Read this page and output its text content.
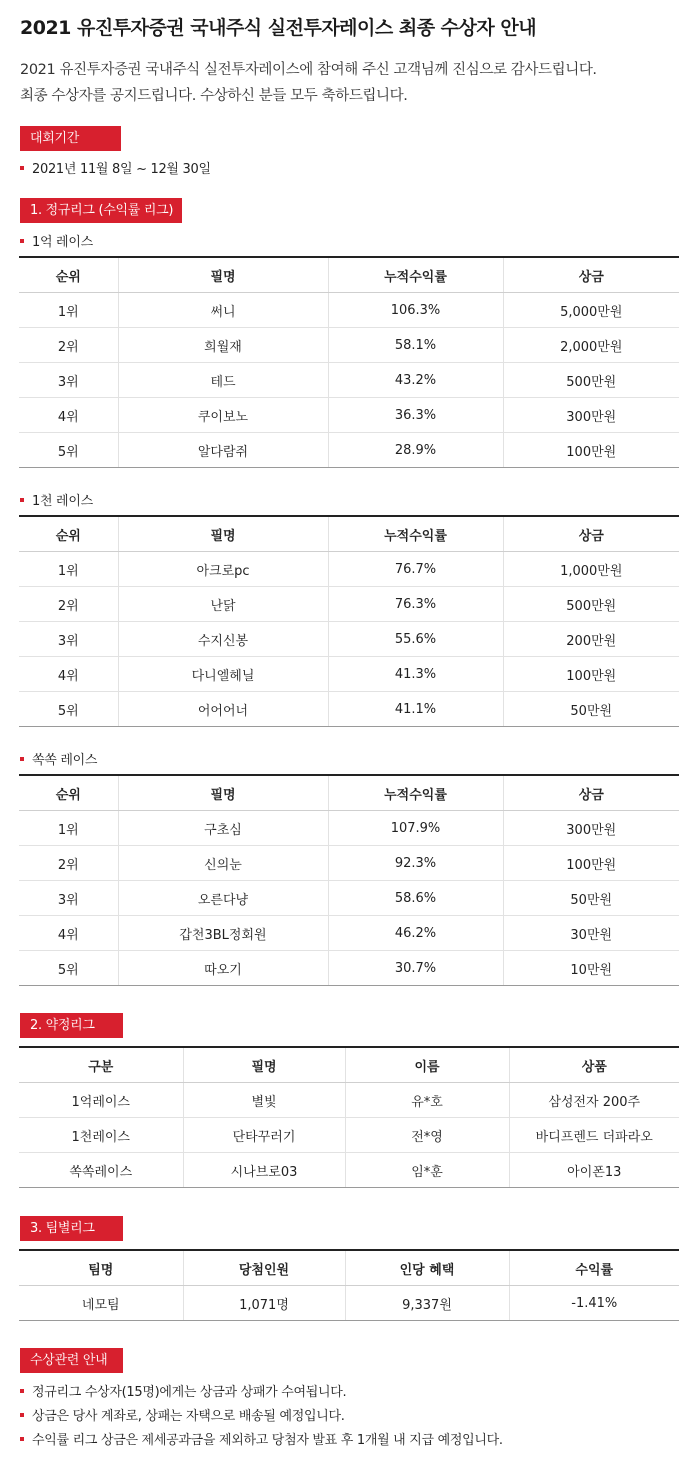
2021 유진투자증권 국내주식 실전투자레이스 최종 수상자 안내
2021 유진투자증권 국내주식 실전투자레이스에 참여해 주신 고객님께 진심으로 감사드립니다.
최종 수상자를 공지드립니다. 수상하신 분들 모두 축하드립니다.
대회기간
2021년 11월 8일 ~ 12월 30일
1. 정규리그 (수익률 리그)
1억 레이스
순위	필명	누적수익률	상금
1위	써니	106.3%	5,000만원
2위	희월재	58.1%	2,000만원
3위	테드	43.2%	500만원
4위	쿠이보노	36.3%	300만원
5위	알다람쥐	28.9%	100만원
1천 레이스
순위	필명	누적수익률	상금
1위	아크로pc	76.7%	1,000만원
2위	난닭	76.3%	500만원
3위	수지신봉	55.6%	200만원
4위	다니엘헤닐	41.3%	100만원
5위	어어어너	41.1%	50만원
쏙쏙 레이스
순위	필명	누적수익률	상금
1위	구초심	107.9%	300만원
2위	신의눈	92.3%	100만원
3위	오른다냥	58.6%	50만원
4위	갑천3BL정회원	46.2%	30만원
5위	따오기	30.7%	10만원
2. 약정리그
구분	필명	이름	상품
1억레이스	별빛	유*호	삼성전자 200주
1천레이스	단타꾸러기	전*영	바디프렌드 더파라오
쏙쏙레이스	시나브로03	임*훈	아이폰13
3. 팀별리그
팀명	당첨인원	인당 혜택	수익률
네모팀	1,071명	9,337원	-1.41%
수상관련 안내
정규리그 수상자(15명)에게는 상금과 상패가 수여됩니다.
상금은 당사 계좌로, 상패는 자택으로 배송될 예정입니다.
수익률 리그 상금은 제세공과금을 제외하고 당첨자 발표 후 1개월 내 지급 예정입니다.
